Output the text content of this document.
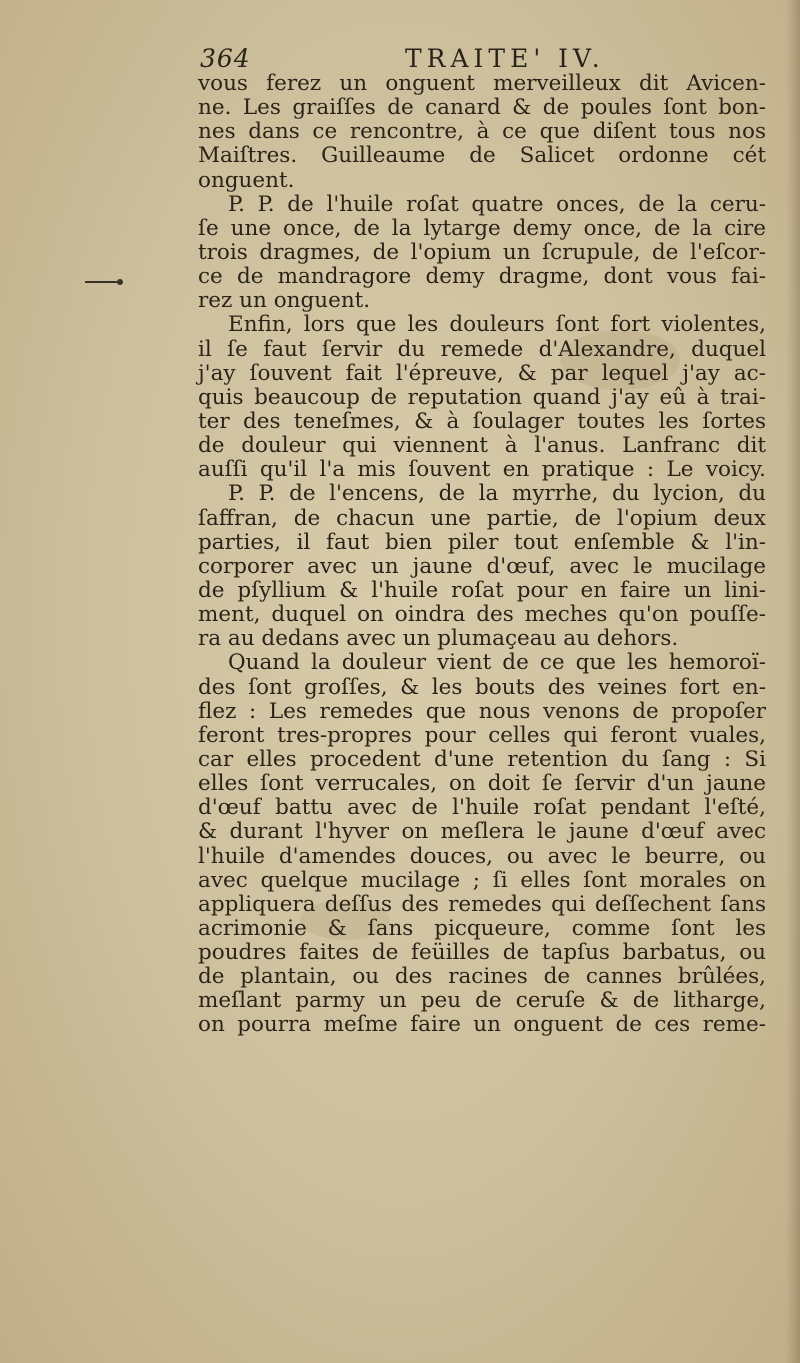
364	TRAITE' IV.
vous ferez un onguent merveilleux dit Avicen-
ne. Les graiſſes de canard & de poules ſont bon-
nes dans ce rencontre, à ce que diſent tous nos
Maiſtres. Guilleaume de Salicet ordonne cét
onguent.
P. P. de l'huile roſat quatre onces, de la ceru-
ſe une once, de la lytarge demy once, de la cire
trois dragmes, de l'opium un ſcrupule, de l'eſcor-
ce de mandragore demy dragme, dont vous fai-
rez un onguent.
Enfin, lors que les douleurs ſont fort violentes,
il ſe faut ſervir du remede d'Alexandre, duquel
j'ay ſouvent fait l'épreuve, & par lequel j'ay ac-
quis beaucoup de reputation quand j'ay eû à trai-
ter des teneſmes, & à ſoulager toutes les ſortes
de douleur qui viennent à l'anus. Lanfranc dit
auſſi qu'il l'a mis ſouvent en pratique : Le voicy.
P. P. de l'encens, de la myrrhe, du lycion, du
ſaffran, de chacun une partie, de l'opium deux
parties, il faut bien piler tout enſemble & l'in-
corporer avec un jaune d'œuf, avec le mucilage
de pſyllium & l'huile roſat pour en faire un lini-
ment, duquel on oindra des meches qu'on pouſſe-
ra au dedans avec un plumaçeau au dehors.
Quand la douleur vient de ce que les hemoroï-
des ſont groſſes, & les bouts des veines fort en-
flez : Les remedes que nous venons de propoſer
feront tres-propres pour celles qui feront vuales,
car elles procedent d'une retention du ſang : Si
elles ſont verrucales, on doit ſe ſervir d'un jaune
d'œuf battu avec de l'huile roſat pendant l'eſté,
& durant l'hyver on meſlera le jaune d'œuf avec
l'huile d'amendes douces, ou avec le beurre, ou
avec quelque mucilage ; ſi elles ſont morales on
appliquera deſſus des remedes qui deſſechent ſans
acrimonie & ſans picqueure, comme ſont les
poudres faites de feüilles de tapſus barbatus, ou
de plantain, ou des racines de cannes brûlées,
meſlant parmy un peu de ceruſe & de litharge,
on pourra meſme faire un onguent de ces reme-
